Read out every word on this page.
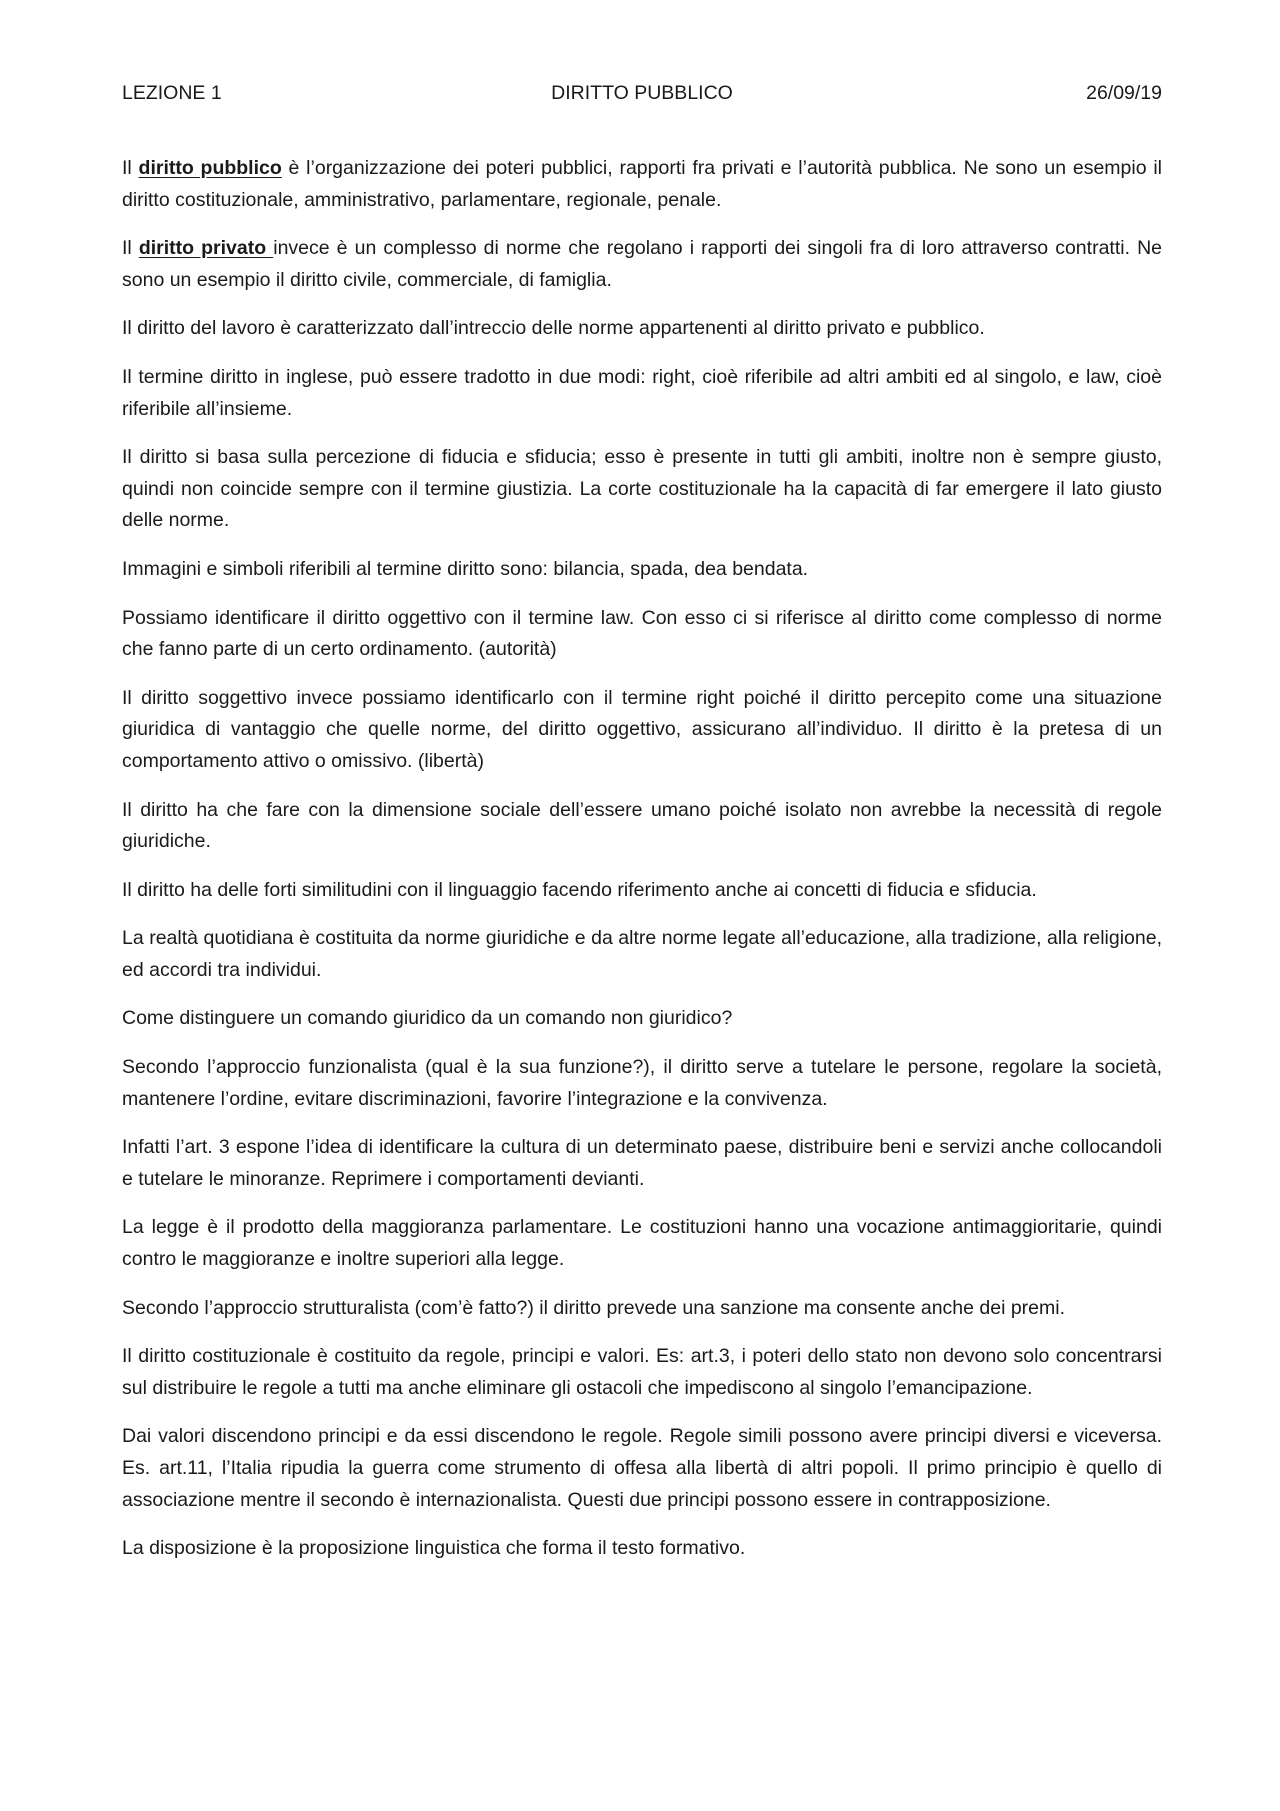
LEZIONE 1	DIRITTO PUBBLICO	26/09/19

Il diritto pubblico è l’organizzazione dei poteri pubblici, rapporti fra privati e l’autorità pubblica. Ne sono un esempio il diritto costituzionale, amministrativo, parlamentare, regionale, penale.

Il diritto privato invece è un complesso di norme che regolano i rapporti dei singoli fra di loro attraverso contratti. Ne sono un esempio il diritto civile, commerciale, di famiglia.

Il diritto del lavoro è caratterizzato dall’intreccio delle norme appartenenti al diritto privato e pubblico.

Il termine diritto in inglese, può essere tradotto in due modi: right, cioè riferibile ad altri ambiti ed al singolo, e law, cioè riferibile all’insieme.

Il diritto si basa sulla percezione di fiducia e sfiducia; esso è presente in tutti gli ambiti, inoltre non è sempre giusto, quindi non coincide sempre con il termine giustizia. La corte costituzionale ha la capacità di far emergere il lato giusto delle norme.

Immagini e simboli riferibili al termine diritto sono: bilancia, spada, dea bendata.

Possiamo identificare il diritto oggettivo con il termine law. Con esso ci si riferisce al diritto come complesso di norme che fanno parte di un certo ordinamento. (autorità)

Il diritto soggettivo invece possiamo identificarlo con il termine right poiché il diritto percepito come una situazione giuridica di vantaggio che quelle norme, del diritto oggettivo, assicurano all’individuo. Il diritto è la pretesa di un comportamento attivo o omissivo. (libertà)

Il diritto ha che fare con la dimensione sociale dell’essere umano poiché isolato non avrebbe la necessità di regole giuridiche.

Il diritto ha delle forti similitudini con il linguaggio facendo riferimento anche ai concetti di fiducia e sfiducia.

La realtà quotidiana è costituita da norme giuridiche e da altre norme legate all’educazione, alla tradizione, alla religione, ed accordi tra individui.

Come distinguere un comando giuridico da un comando non giuridico?

Secondo l’approccio funzionalista (qual è la sua funzione?), il diritto serve a tutelare le persone, regolare la società, mantenere l’ordine, evitare discriminazioni, favorire l’integrazione e la convivenza.

Infatti l’art. 3 espone l’idea di identificare la cultura di un determinato paese, distribuire beni e servizi anche collocandoli e tutelare le minoranze. Reprimere i comportamenti devianti.

La legge è il prodotto della maggioranza parlamentare. Le costituzioni hanno una vocazione antimaggioritarie, quindi contro le maggioranze e inoltre superiori alla legge.

Secondo l’approccio strutturalista (com’è fatto?) il diritto prevede una sanzione ma consente anche dei premi.

Il diritto costituzionale è costituito da regole, principi e valori. Es: art.3, i poteri dello stato non devono solo concentrarsi sul distribuire le regole a tutti ma anche eliminare gli ostacoli che impediscono al singolo l’emancipazione.

Dai valori discendono principi e da essi discendono le regole. Regole simili possono avere principi diversi e viceversa. Es. art.11, l’Italia ripudia la guerra come strumento di offesa alla libertà di altri popoli. Il primo principio è quello di associazione mentre il secondo è internazionalista. Questi due principi possono essere in contrapposizione.

La disposizione è la proposizione linguistica che forma il testo formativo.
